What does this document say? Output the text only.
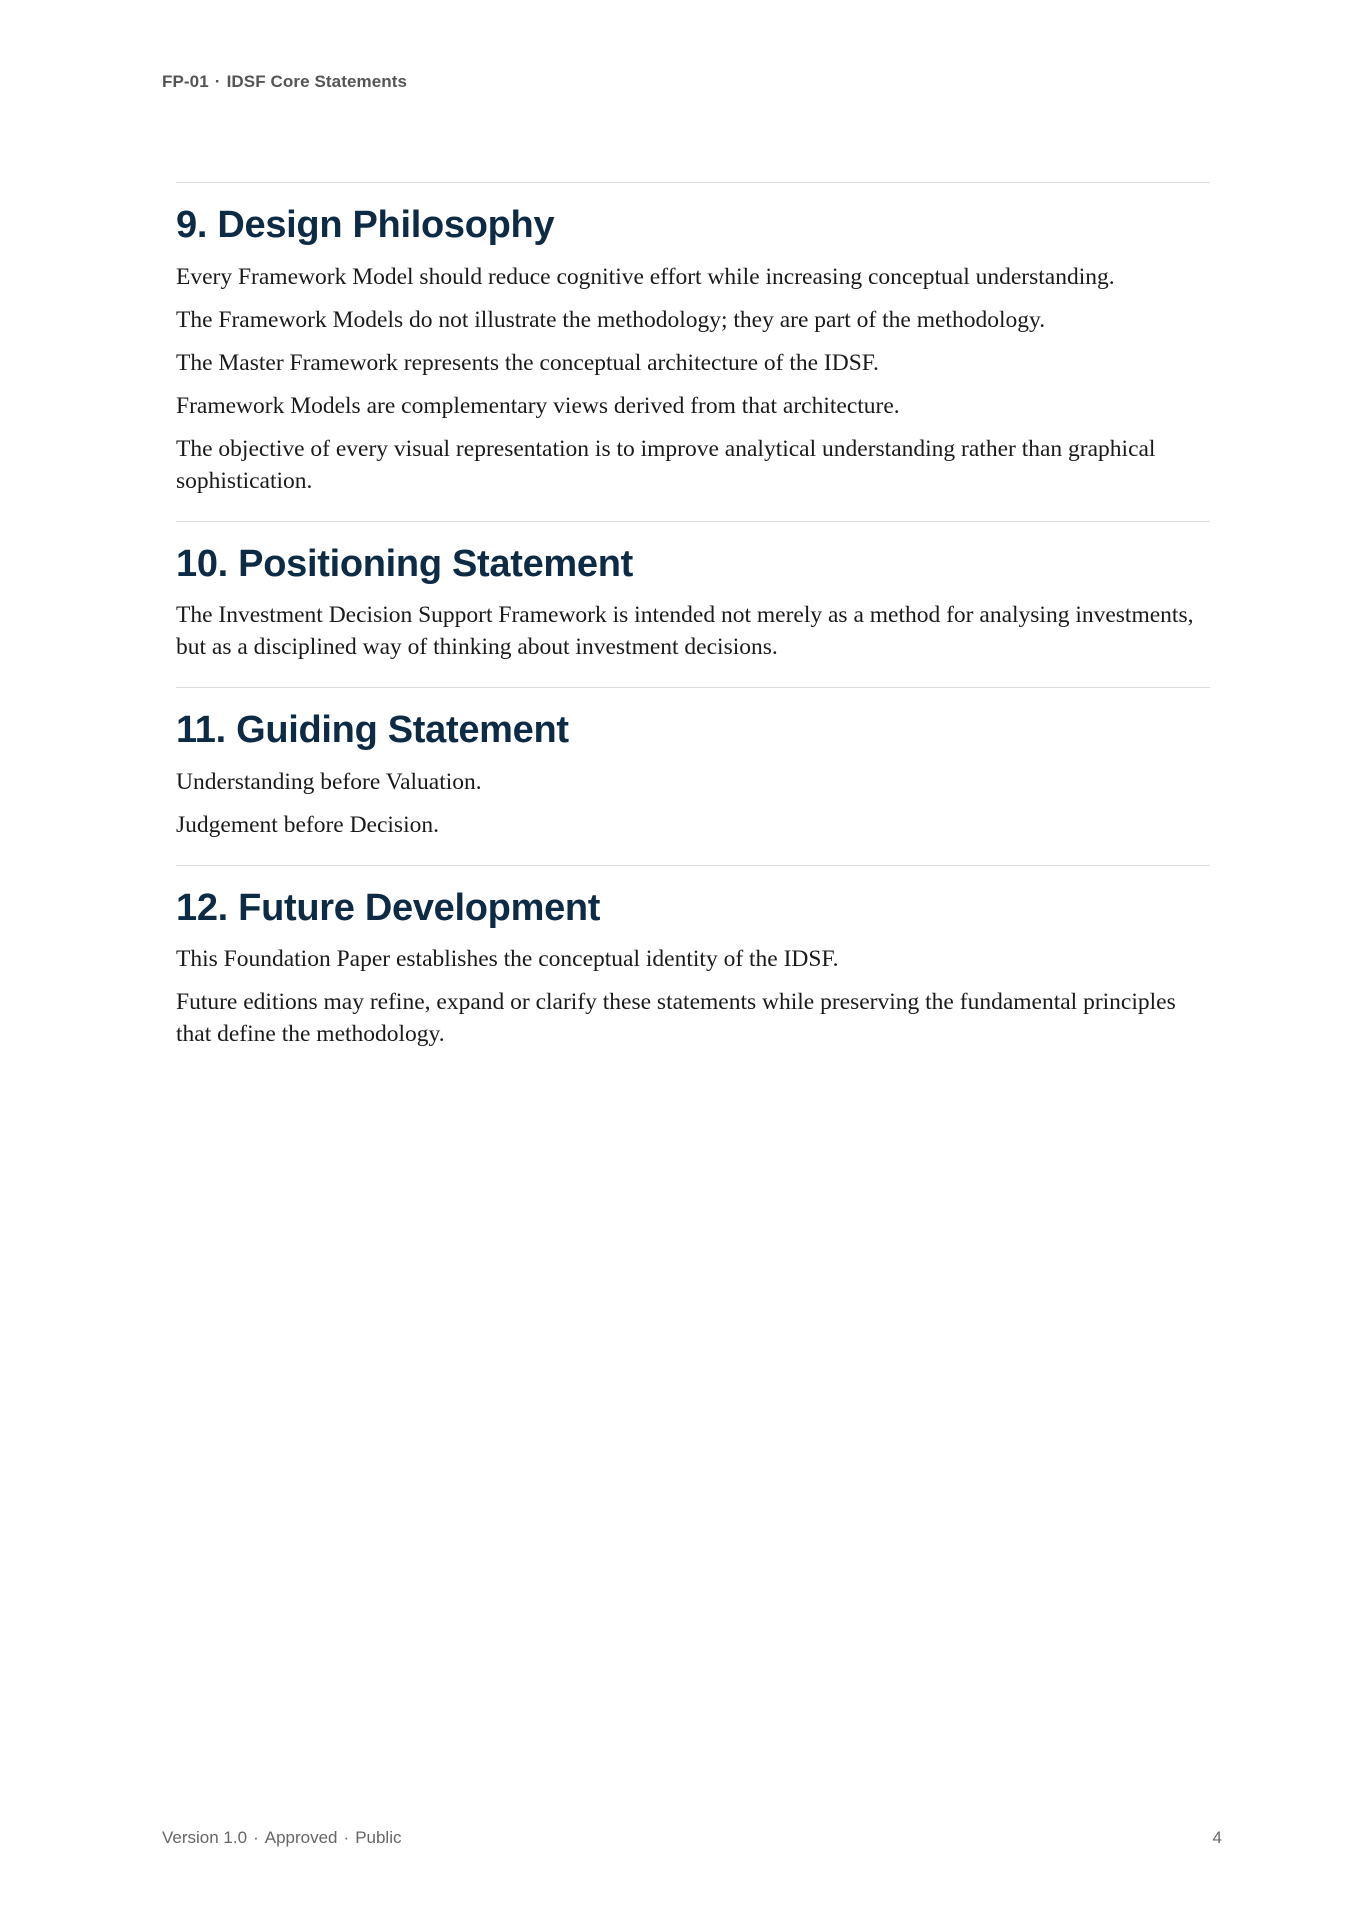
FP-01 · IDSF Core Statements
9. Design Philosophy

Every Framework Model should reduce cognitive effort while increasing conceptual understanding.

The Framework Models do not illustrate the methodology; they are part of the methodology.

The Master Framework represents the conceptual architecture of the IDSF.

Framework Models are complementary views derived from that architecture.

The objective of every visual representation is to improve analytical understanding rather than graphical sophistication.

10. Positioning Statement

The Investment Decision Support Framework is intended not merely as a method for analysing investments, but as a disciplined way of thinking about investment decisions.

11. Guiding Statement

Understanding before Valuation.

Judgement before Decision.

12. Future Development

This Foundation Paper establishes the conceptual identity of the IDSF.

Future editions may refine, expand or clarify these statements while preserving the fundamental principles that define the methodology.

Version 1.0 · Approved · Public	4
